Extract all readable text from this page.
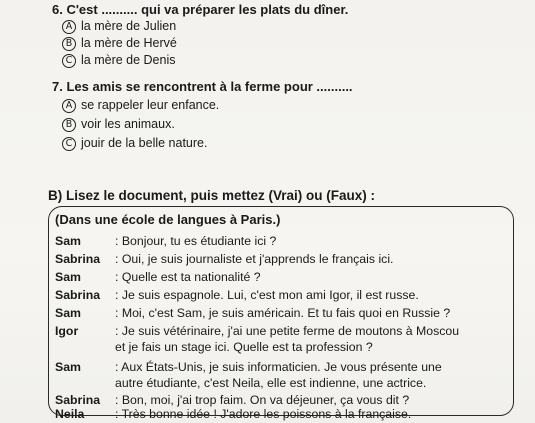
6. C'est .......... qui va préparer les plats du dîner.
A la mère de Julien
B la mère de Hervé
C la mère de Denis
7. Les amis se rencontrent à la ferme pour ..........
A se rappeler leur enfance.
B voir les animaux.
C jouir de la belle nature.
B) Lisez le document, puis mettez (Vrai) ou (Faux) :
(Dans une école de langues à Paris.)
Sam	: Bonjour, tu es étudiante ici ?
Sabrina : Oui, je suis journaliste et j'apprends le français ici.
Sam	: Quelle est ta nationalité ?
Sabrina : Je suis espagnole. Lui, c'est mon ami Igor, il est russe.
Sam	: Moi, c'est Sam, je suis américain. Et tu fais quoi en Russie ?
Igor	: Je suis vétérinaire, j'ai une petite ferme de moutons à Moscou
et je fais un stage ici. Quelle est ta profession ?
Sam	: Aux États-Unis, je suis informaticien. Je vous présente une
autre étudiante, c'est Neila, elle est indienne, une actrice.
Sabrina : Bon, moi, j'ai trop faim. On va déjeuner, ça vous dit ?
Neila : Très bonne idée ! J'adore les poissons à la française.
